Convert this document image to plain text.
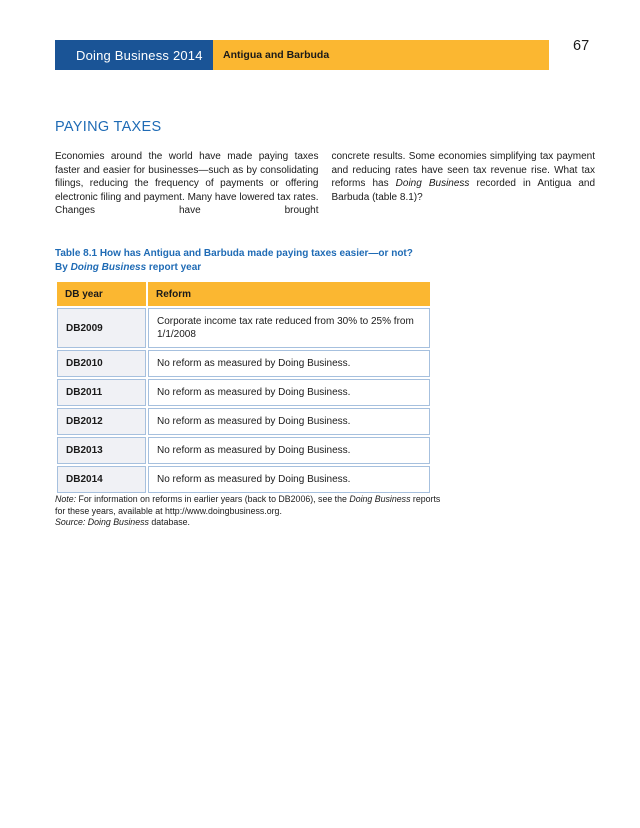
Doing Business 2014 Antigua and Barbuda
67
PAYING TAXES

Economies around the world have made paying taxes faster and easier for businesses—such as by consolidating filings, reducing the frequency of payments or offering electronic filing and payment. Many have lowered tax rates. Changes have brought

concrete results. Some economies simplifying tax payment and reducing rates have seen tax revenue rise. What tax reforms has Doing Business recorded in Antigua and Barbuda (table 8.1)?

Table 8.1 How has Antigua and Barbuda made paying taxes easier—or not?
By Doing Business report year
DB year	Reform
DB2009	Corporate income tax rate reduced from 30% to 25% from 1/1/2008
DB2010	No reform as measured by Doing Business.
DB2011	No reform as measured by Doing Business.
DB2012	No reform as measured by Doing Business.
DB2013	No reform as measured by Doing Business.
DB2014	No reform as measured by Doing Business.
Note: For information on reforms in earlier years (back to DB2006), see the Doing Business reports
for these years, available at http://www.doingbusiness.org.
Source: Doing Business database.
